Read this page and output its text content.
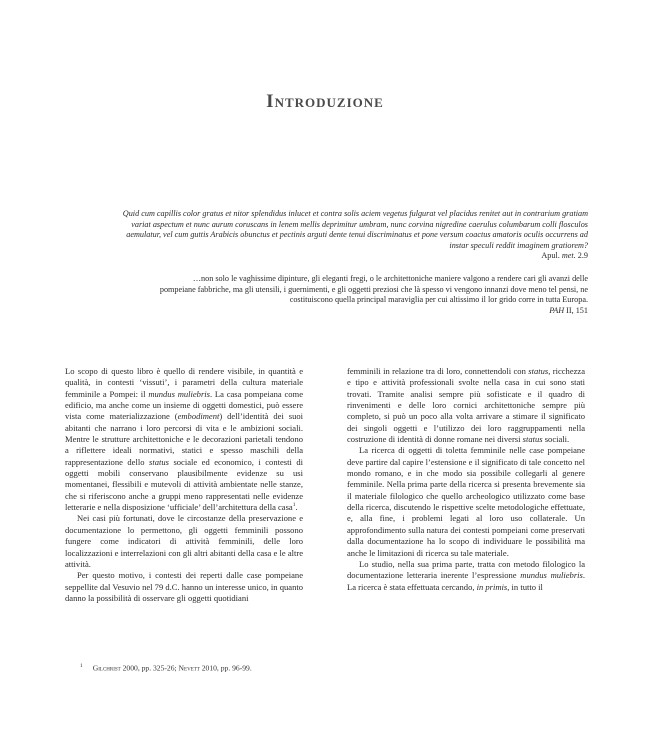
Introduzione

Quid cum capillis color gratus et nitor splendidus inlucet et contra solis aciem vegetus fulgurat vel placidus renitet aut in contrarium gratiam variat aspectum et nunc aurum coruscans in lenem mellis deprimitur umbram, nunc corvina nigredine caerulus columbarum colli flosculos aemulatur, vel cum guttis Arabicis obunctus et pectinis arguti dente tenui discriminatus et pone versum coactus amatoris oculis occurrens ad instar speculi reddit imaginem gratiorem?

Apul. met. 2.9

…non solo le vaghissime dipinture, gli eleganti fregi, o le architettoniche maniere valgono a rendere cari gli avanzi delle pompeiane fabbriche, ma gli utensili, i guernimenti, e gli oggetti preziosi che là spesso vi vengono innanzi dove meno tel pensi, ne costituiscono quella principal maraviglia per cui altissimo il lor grido corre in tutta Europa.

PAH II, 151

Lo scopo di questo libro è quello di rendere visibile, in quantità e qualità, in contesti ‘vissuti’, i parametri della cultura materiale femminile a Pompei: il mundus muliebris. La casa pompeiana come edificio, ma anche come un insieme di oggetti domestici, può essere vista come materializzazione (embodiment) dell’identità dei suoi abitanti che narrano i loro percorsi di vita e le ambizioni sociali. Mentre le strutture architettoniche e le decorazioni parietali tendono a riflettere ideali normativi, statici e spesso maschili della rappresentazione dello status sociale ed economico, i contesti di oggetti mobili conservano plausibilmente evidenze su usi momentanei, flessibili e mutevoli di attività ambientate nelle stanze, che si riferiscono anche a gruppi meno rappresentati nelle evidenze letterarie e nella disposizione ‘ufficiale’ dell’architettura della casa$^1$.

Nei casi più fortunati, dove le circostanze della preservazione e documentazione lo permettono, gli oggetti femminili possono fungere come indicatori di attività femminili, delle loro localizzazioni e interrelazioni con gli altri abitanti della casa e le altre attività.

Per questo motivo, i contesti dei reperti dalle case pompeiane seppellite dal Vesuvio nel 79 d.C. hanno un interesse unico, in quanto danno la possibilità di osservare gli oggetti quotidiani

femminili in relazione tra di loro, connettendoli con status, ricchezza e tipo e attività professionali svolte nella casa in cui sono stati trovati. Tramite analisi sempre più sofisticate e il quadro di rinvenimenti e delle loro cornici architettoniche sempre più completo, si può un poco alla volta arrivare a stimare il significato dei singoli oggetti e l’utilizzo dei loro raggruppamenti nella costruzione di identità di donne romane nei diversi status sociali.

La ricerca di oggetti di toletta femminile nelle case pompeiane deve partire dal capire l’estensione e il significato di tale concetto nel mondo romano, e in che modo sia possibile collegarli al genere femminile. Nella prima parte della ricerca si presenta brevemente sia il materiale filologico che quello archeologico utilizzato come base della ricerca, discutendo le rispettive scelte metodologiche effettuate, e, alla fine, i problemi legati al loro uso collaterale. Un approfondimento sulla natura dei contesti pompeiani come preservati dalla documentazione ha lo scopo di individuare le possibilità ma anche le limitazioni di ricerca su tale materiale.

Lo studio, nella sua prima parte, tratta con metodo filologico la documentazione letteraria inerente l’espressione mundus muliebris. La ricerca è stata effettuata cercando, in primis, in tutto il

$^1$ Gilchrist 2000, pp. 325-26; Nevett 2010, pp. 96-99.
